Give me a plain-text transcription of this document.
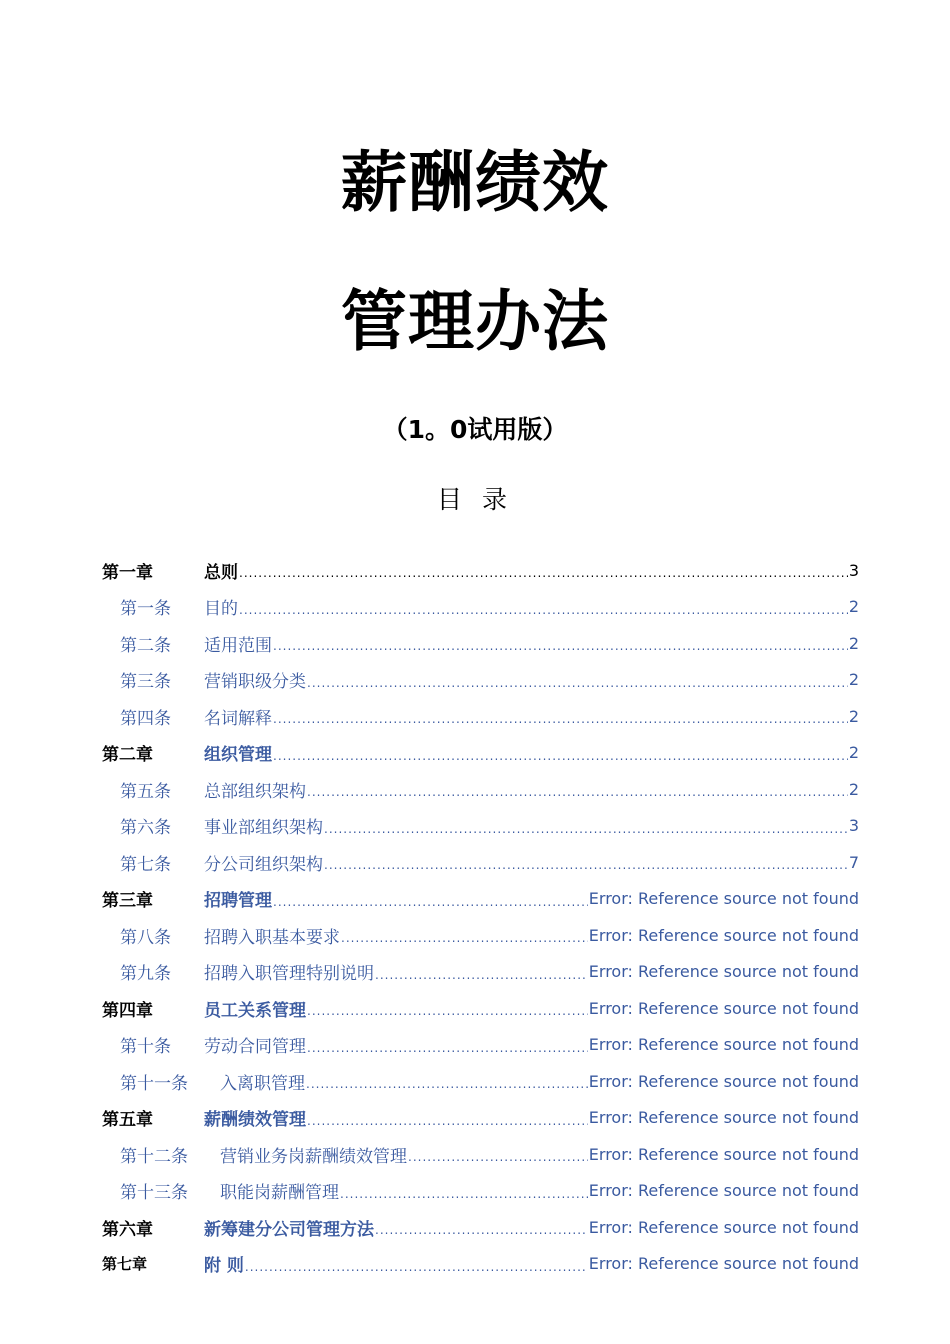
薪酬绩效
管理办法
（1。0试用版）
目 录
第一章	总则 .....	3
第一条	目的 .....	2
第二条	适用范围 .....	2
第三条	营销职级分类 .....	2
第四条	名词解释 .....	2
第二章	组织管理 .....	2
第五条	总部组织架构 .....	2
第六条	事业部组织架构 .....	3
第七条	分公司组织架构 .....	7
第三章	招聘管理 .....	Error: Reference source not found
第八条	招聘入职基本要求 .....	Error: Reference source not found
第九条	招聘入职管理特别说明 .....	Error: Reference source not found
第四章	员工关系管理 .....	Error: Reference source not found
第十条	劳动合同管理 .....	Error: Reference source not found
第十一条	入离职管理 .....	Error: Reference source not found
第五章	薪酬绩效管理 .....	Error: Reference source not found
第十二条	营销业务岗薪酬绩效管理 .....	Error: Reference source not found
第十三条	职能岗薪酬管理 .....	Error: Reference source not found
第六章	新筹建分公司管理方法 .....	Error: Reference source not found
第七章	附 则 .....	Error: Reference source not found
